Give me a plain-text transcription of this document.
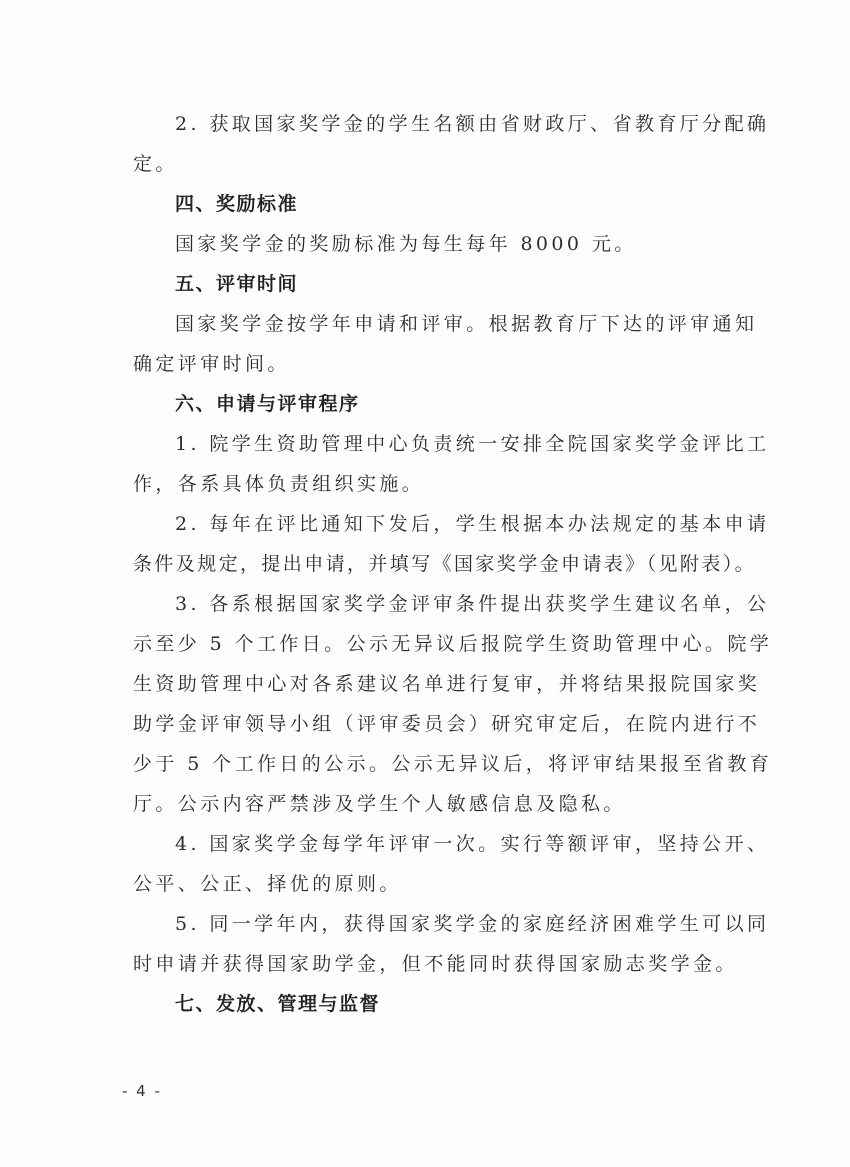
2. 获取国家奖学金的学生名额由省财政厅、省教育厅分配确
定。
四、奖励标准
国家奖学金的奖励标准为每生每年 8000 元。
五、评审时间
国家奖学金按学年申请和评审。根据教育厅下达的评审通知
确定评审时间。
六、申请与评审程序
1. 院学生资助管理中心负责统一安排全院国家奖学金评比工
作，各系具体负责组织实施。
2. 每年在评比通知下发后，学生根据本办法规定的基本申请
条件及规定，提出申请，并填写《国家奖学金申请表》（见附表）。
3. 各系根据国家奖学金评审条件提出获奖学生建议名单，公
示至少 5 个工作日。公示无异议后报院学生资助管理中心。院学
生资助管理中心对各系建议名单进行复审，并将结果报院国家奖
助学金评审领导小组（评审委员会）研究审定后，在院内进行不
少于 5 个工作日的公示。公示无异议后，将评审结果报至省教育
厅。公示内容严禁涉及学生个人敏感信息及隐私。
4. 国家奖学金每学年评审一次。实行等额评审，坚持公开、
公平、公正、择优的原则。
5. 同一学年内，获得国家奖学金的家庭经济困难学生可以同
时申请并获得国家助学金，但不能同时获得国家励志奖学金。
七、发放、管理与监督
- 4 -
